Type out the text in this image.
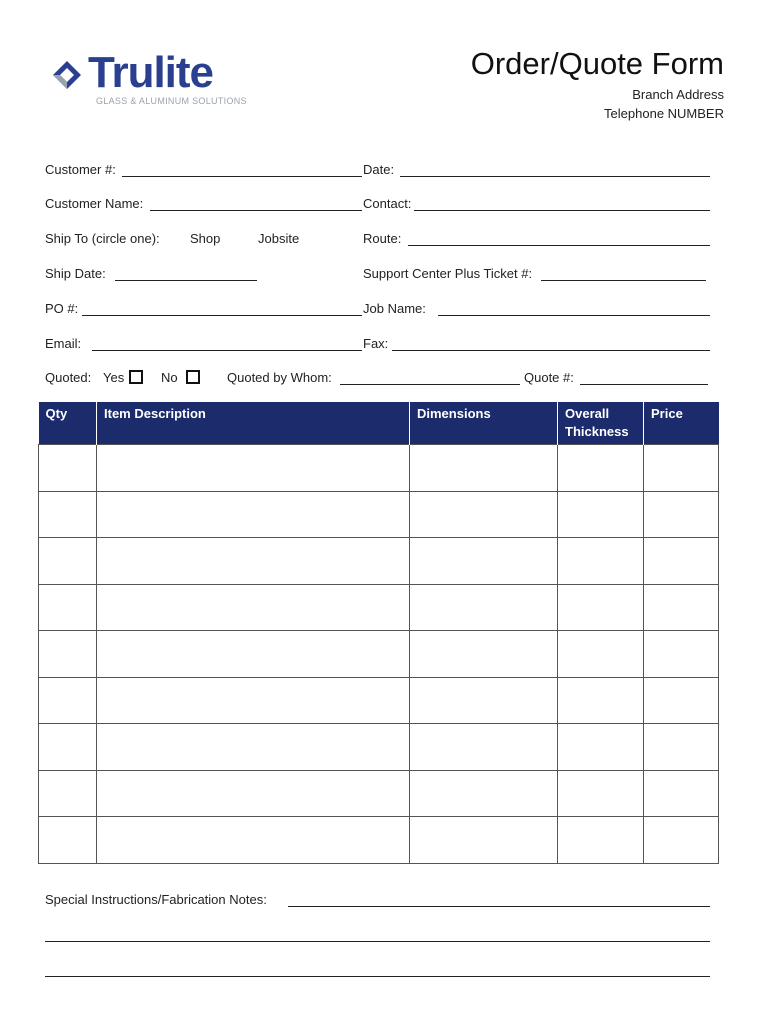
Trulite
GLASS & ALUMINUM SOLUTIONS
Order/Quote Form
Branch Address
Telephone NUMBER
Customer #:	Date:
Customer Name:	Contact:
Ship To (circle one): Shop	Jobsite	Route:
Ship Date:	Support Center Plus Ticket #:
PO #:	Job Name:
Email:	Fax:
Quoted: Yes	No	Quoted by Whom:	Quote #:
Qty	Item Description	Dimensions	Overall Thickness	Price

Special Instructions/Fabrication Notes:
